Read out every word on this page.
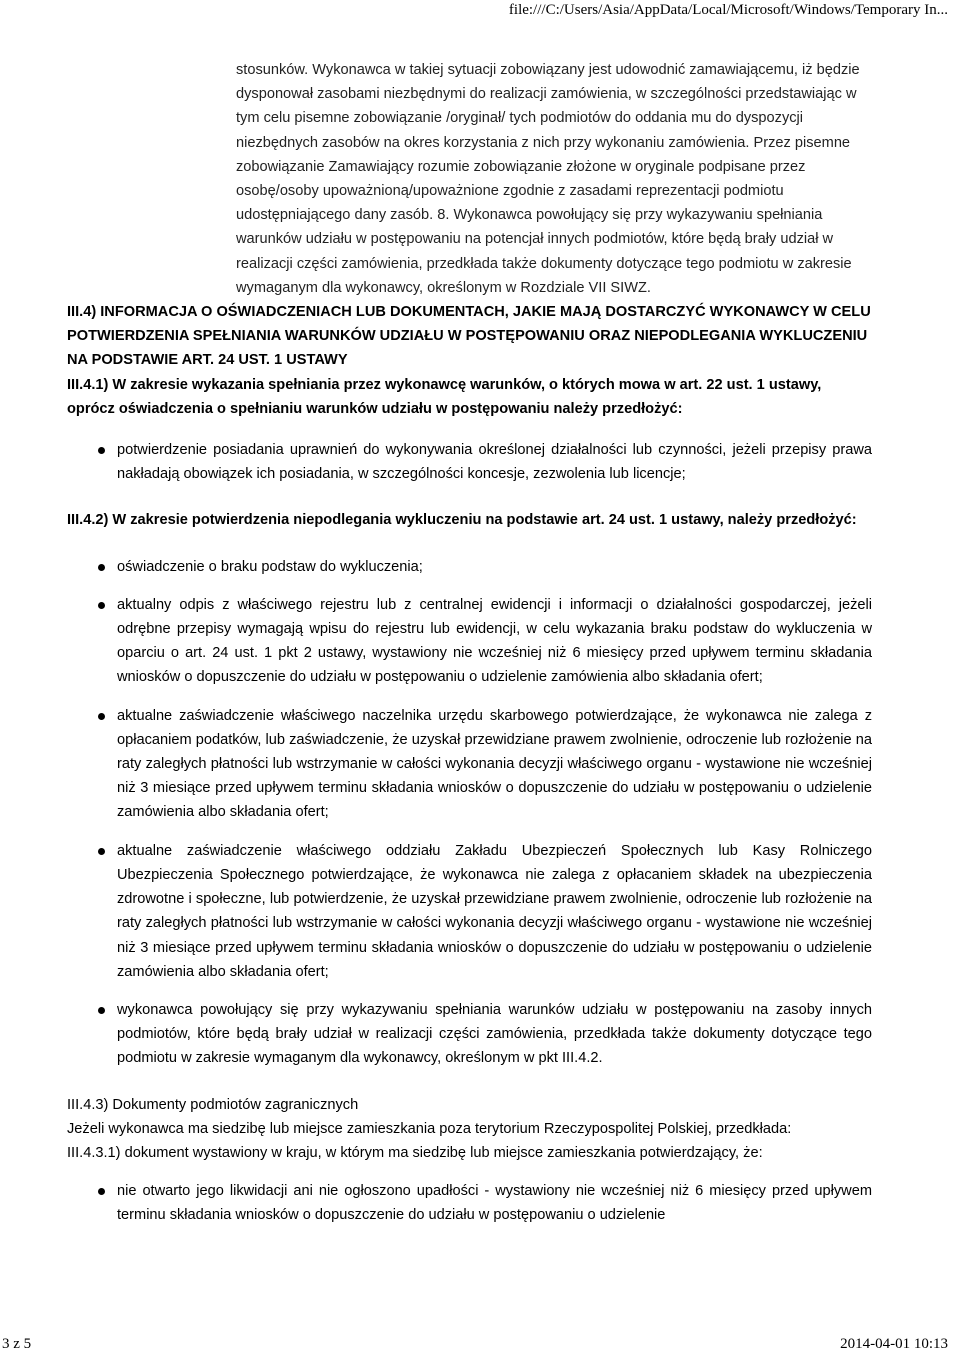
file:///C:/Users/Asia/AppData/Local/Microsoft/Windows/Temporary In...

stosunków. Wykonawca w takiej sytuacji zobowiązany jest udowodnić zamawiającemu, iż będzie dysponował zasobami niezbędnymi do realizacji zamówienia, w szczególności przedstawiając w tym celu pisemne zobowiązanie /oryginał/ tych podmiotów do oddania mu do dyspozycji niezbędnych zasobów na okres korzystania z nich przy wykonaniu zamówienia. Przez pisemne zobowiązanie Zamawiający rozumie zobowiązanie złożone w oryginale podpisane przez osobę/osoby upoważnioną/upoważnione zgodnie z zasadami reprezentacji podmiotu udostępniającego dany zasób. 8. Wykonawca powołujący się przy wykazywaniu spełniania warunków udziału w postępowaniu na potencjał innych podmiotów, które będą brały udział w realizacji części zamówienia, przedkłada także dokumenty dotyczące tego podmiotu w zakresie wymaganym dla wykonawcy, określonym w Rozdziale VII SIWZ.

III.4) INFORMACJA O OŚWIADCZENIACH LUB DOKUMENTACH, JAKIE MAJĄ DOSTARCZYĆ WYKONAWCY W CELU POTWIERDZENIA SPEŁNIANIA WARUNKÓW UDZIAŁU W POSTĘPOWANIU ORAZ NIEPODLEGANIA WYKLUCZENIU NA PODSTAWIE ART. 24 UST. 1 USTAWY

III.4.1) W zakresie wykazania spełniania przez wykonawcę warunków, o których mowa w art. 22 ust. 1 ustawy, oprócz oświadczenia o spełnianiu warunków udziału w postępowaniu należy przedłożyć:

potwierdzenie posiadania uprawnień do wykonywania określonej działalności lub czynności, jeżeli przepisy prawa nakładają obowiązek ich posiadania, w szczególności koncesje, zezwolenia lub licencje;

III.4.2) W zakresie potwierdzenia niepodlegania wykluczeniu na podstawie art. 24 ust. 1 ustawy, należy przedłożyć:

oświadczenie o braku podstaw do wykluczenia;
aktualny odpis z właściwego rejestru lub z centralnej ewidencji i informacji o działalności gospodarczej, jeżeli odrębne przepisy wymagają wpisu do rejestru lub ewidencji, w celu wykazania braku podstaw do wykluczenia w oparciu o art. 24 ust. 1 pkt 2 ustawy, wystawiony nie wcześniej niż 6 miesięcy przed upływem terminu składania wniosków o dopuszczenie do udziału w postępowaniu o udzielenie zamówienia albo składania ofert;
aktualne zaświadczenie właściwego naczelnika urzędu skarbowego potwierdzające, że wykonawca nie zalega z opłacaniem podatków, lub zaświadczenie, że uzyskał przewidziane prawem zwolnienie, odroczenie lub rozłożenie na raty zaległych płatności lub wstrzymanie w całości wykonania decyzji właściwego organu - wystawione nie wcześniej niż 3 miesiące przed upływem terminu składania wniosków o dopuszczenie do udziału w postępowaniu o udzielenie zamówienia albo składania ofert;
aktualne zaświadczenie właściwego oddziału Zakładu Ubezpieczeń Społecznych lub Kasy Rolniczego Ubezpieczenia Społecznego potwierdzające, że wykonawca nie zalega z opłacaniem składek na ubezpieczenia zdrowotne i społeczne, lub potwierdzenie, że uzyskał przewidziane prawem zwolnienie, odroczenie lub rozłożenie na raty zaległych płatności lub wstrzymanie w całości wykonania decyzji właściwego organu - wystawione nie wcześniej niż 3 miesiące przed upływem terminu składania wniosków o dopuszczenie do udziału w postępowaniu o udzielenie zamówienia albo składania ofert;
wykonawca powołujący się przy wykazywaniu spełniania warunków udziału w postępowaniu na zasoby innych podmiotów, które będą brały udział w realizacji części zamówienia, przedkłada także dokumenty dotyczące tego podmiotu w zakresie wymaganym dla wykonawcy, określonym w pkt III.4.2.

III.4.3) Dokumenty podmiotów zagranicznych

Jeżeli wykonawca ma siedzibę lub miejsce zamieszkania poza terytorium Rzeczypospolitej Polskiej, przedkłada:

III.4.3.1) dokument wystawiony w kraju, w którym ma siedzibę lub miejsce zamieszkania potwierdzający, że:

nie otwarto jego likwidacji ani nie ogłoszono upadłości - wystawiony nie wcześniej niż 6 miesięcy przed upływem terminu składania wniosków o dopuszczenie do udziału w postępowaniu o udzielenie
3 z 5	2014-04-01 10:13
